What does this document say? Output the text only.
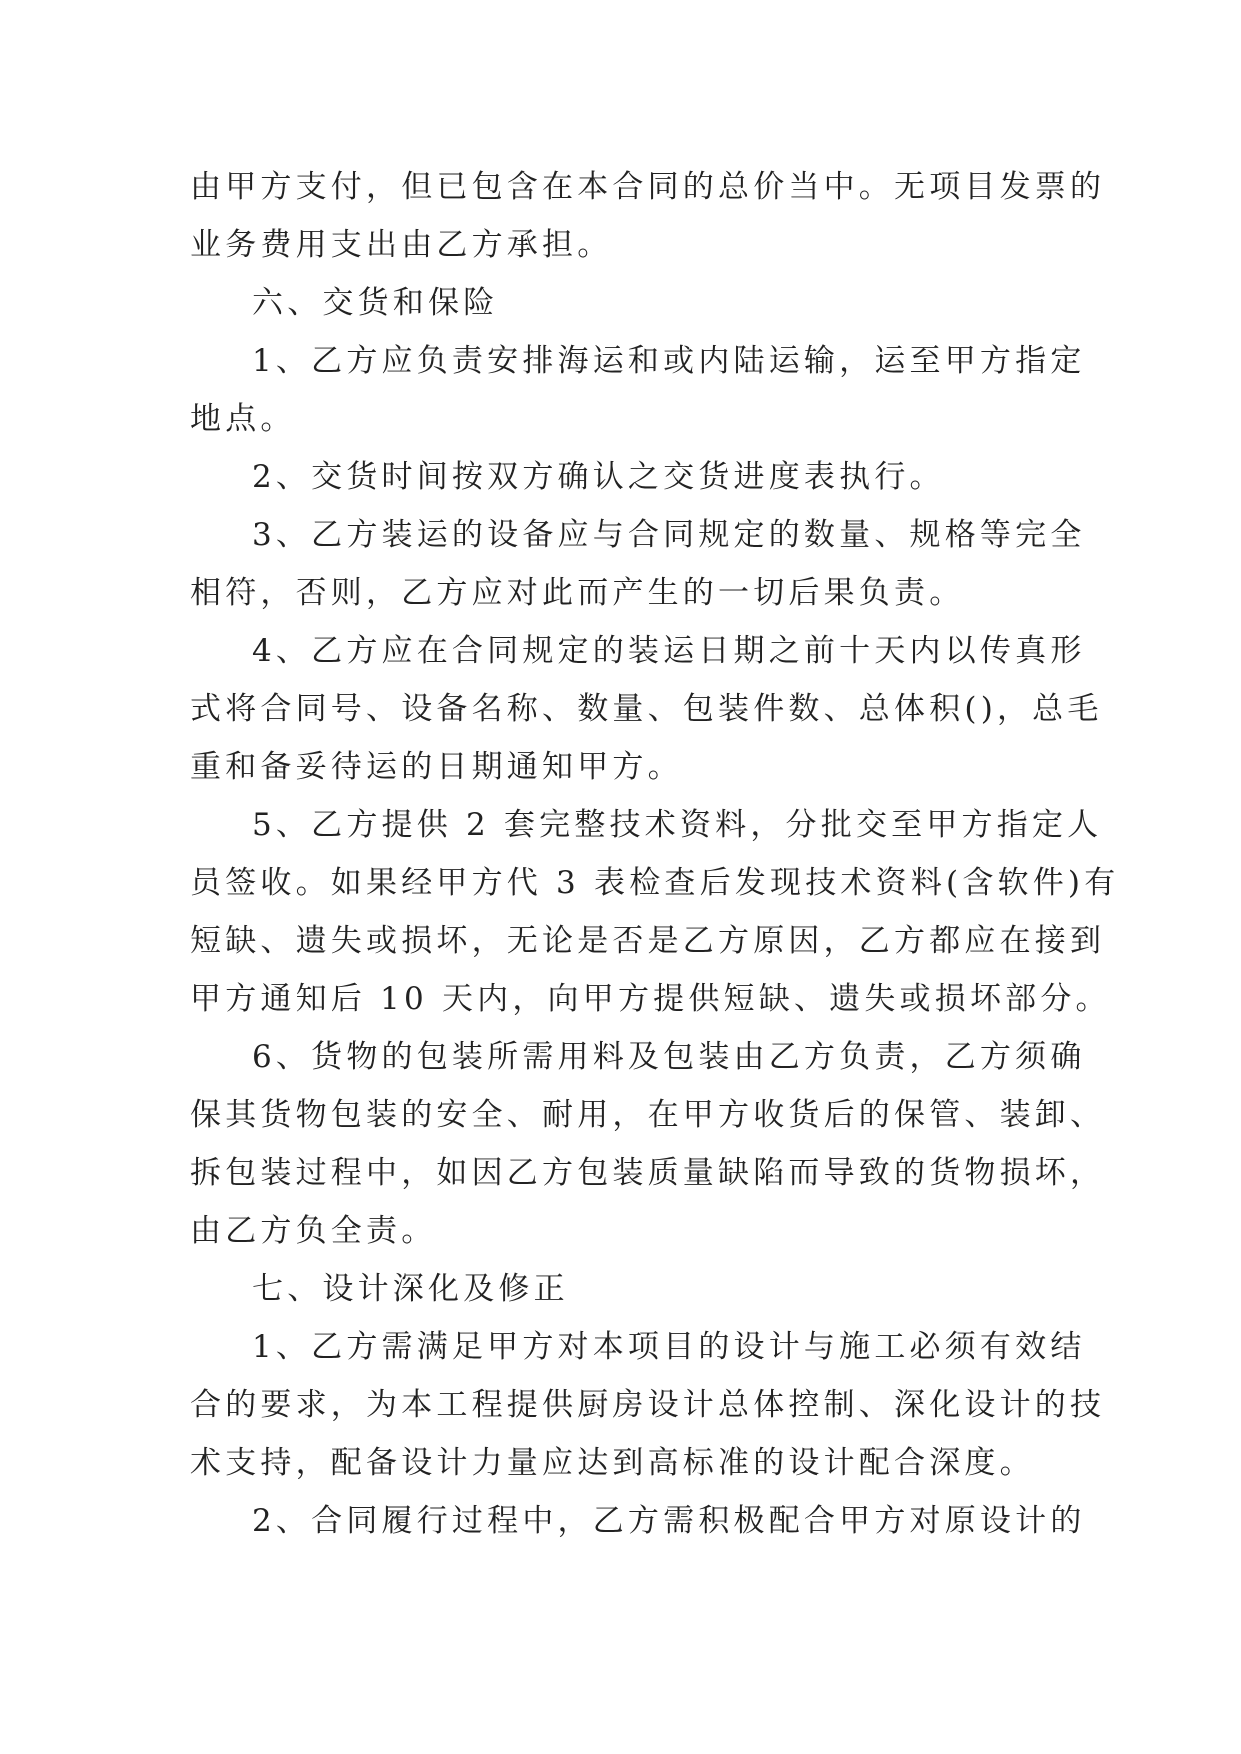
由甲方支付，但已包含在本合同的总价当中。无项目发票的
业务费用支出由乙方承担。
六、交货和保险
1、乙方应负责安排海运和或内陆运输，运至甲方指定
地点。
2、交货时间按双方确认之交货进度表执行。
3、乙方装运的设备应与合同规定的数量、规格等完全
相符，否则，乙方应对此而产生的一切后果负责。
4、乙方应在合同规定的装运日期之前十天内以传真形
式将合同号、设备名称、数量、包装件数、总体积()，总毛
重和备妥待运的日期通知甲方。
5、乙方提供 2 套完整技术资料，分批交至甲方指定人
员签收。如果经甲方代 3 表检查后发现技术资料(含软件)有
短缺、遗失或损坏，无论是否是乙方原因，乙方都应在接到
甲方通知后 10 天内，向甲方提供短缺、遗失或损坏部分。
6、货物的包装所需用料及包装由乙方负责，乙方须确
保其货物包装的安全、耐用，在甲方收货后的保管、装卸、
拆包装过程中，如因乙方包装质量缺陷而导致的货物损坏，
由乙方负全责。
七、设计深化及修正
1、乙方需满足甲方对本项目的设计与施工必须有效结
合的要求，为本工程提供厨房设计总体控制、深化设计的技
术支持，配备设计力量应达到高标准的设计配合深度。
2、合同履行过程中，乙方需积极配合甲方对原设计的
